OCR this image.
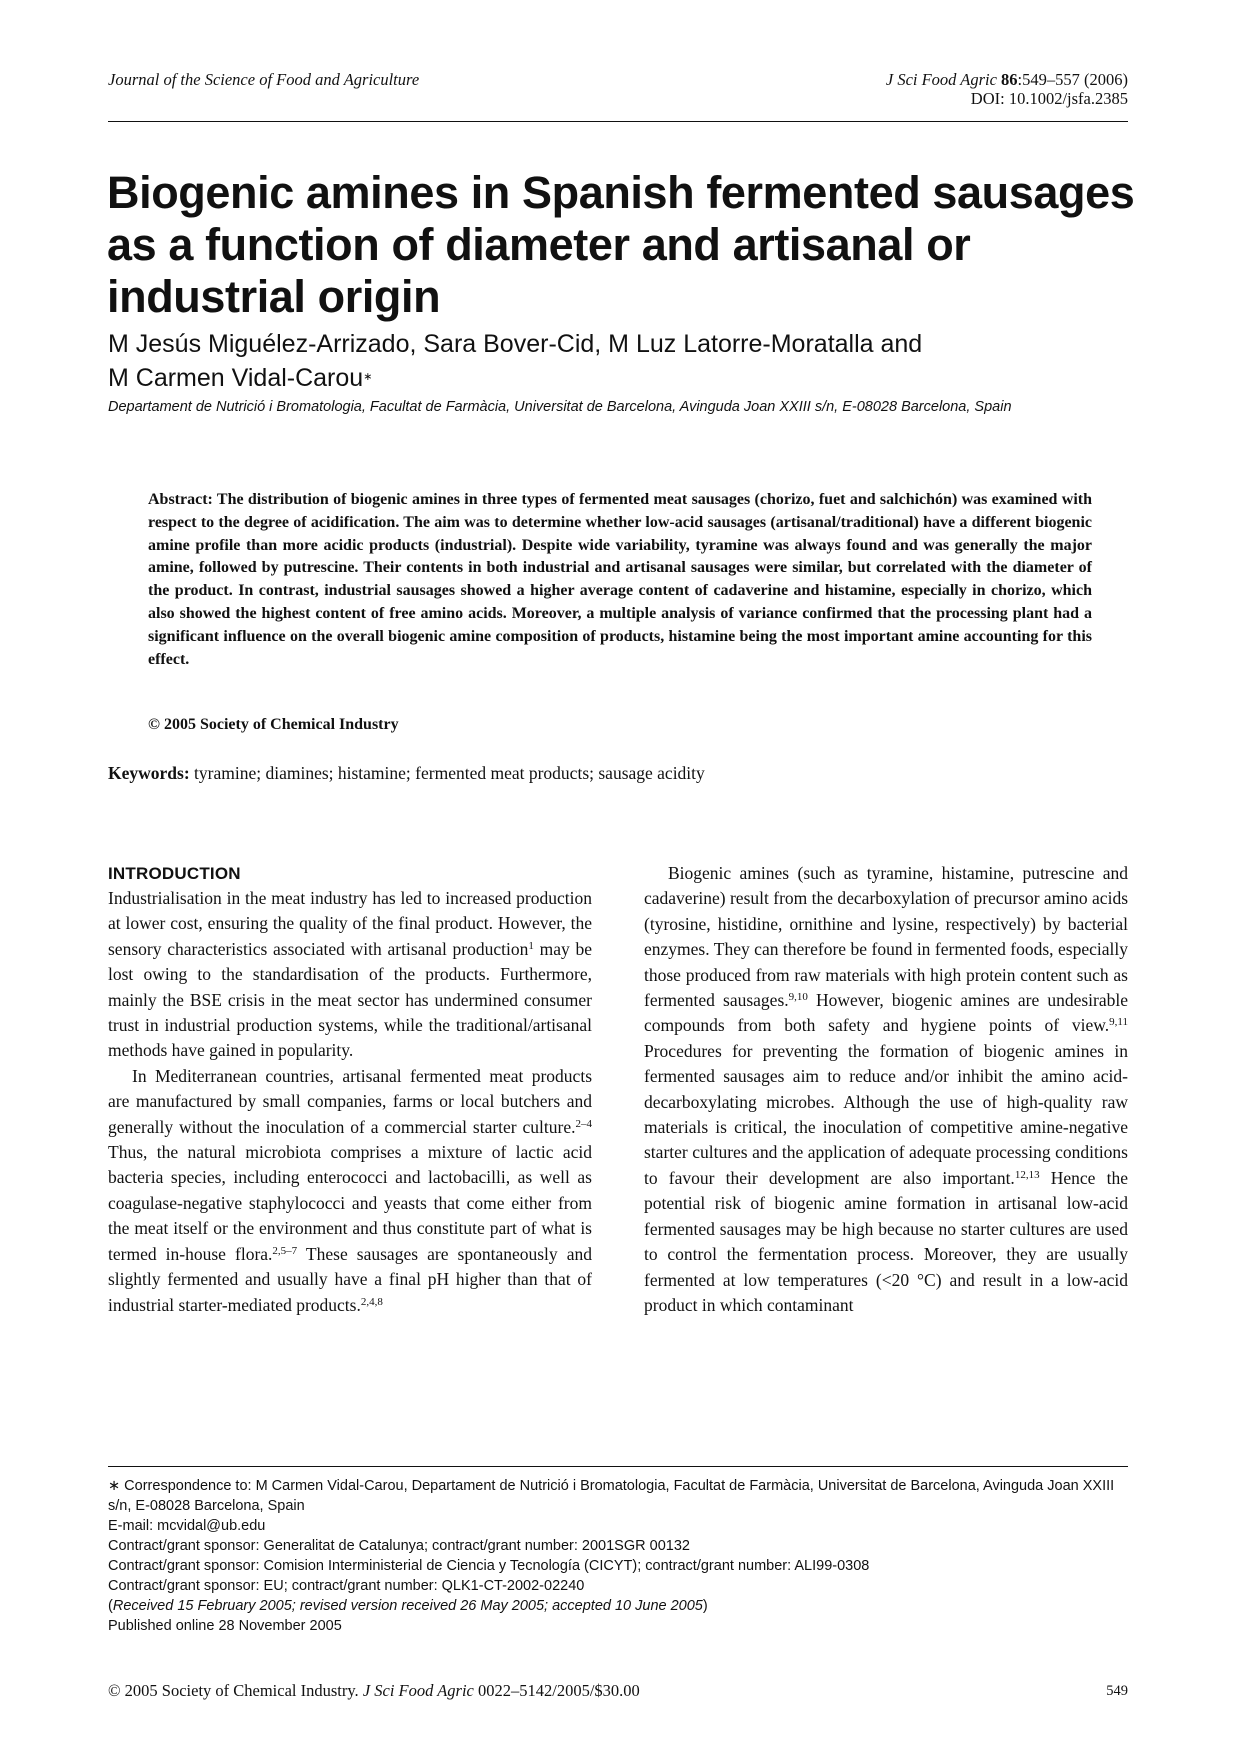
Journal of the Science of Food and Agriculture	J Sci Food Agric 86:549–557 (2006)
DOI: 10.1002/jsfa.2385
Biogenic amines in Spanish fermented sausages as a function of diameter and artisanal or industrial origin
M Jesús Miguélez-Arrizado, Sara Bover-Cid, M Luz Latorre-Moratalla and
M Carmen Vidal-Carou∗
Departament de Nutrició i Bromatologia, Facultat de Farmàcia, Universitat de Barcelona, Avinguda Joan XXIII s/n, E-08028 Barcelona, Spain
Abstract: The distribution of biogenic amines in three types of fermented meat sausages (chorizo, fuet and salchichón) was examined with respect to the degree of acidification. The aim was to determine whether low-acid sausages (artisanal/traditional) have a different biogenic amine profile than more acidic products (industrial). Despite wide variability, tyramine was always found and was generally the major amine, followed by putrescine. Their contents in both industrial and artisanal sausages were similar, but correlated with the diameter of the product. In contrast, industrial sausages showed a higher average content of cadaverine and histamine, especially in chorizo, which also showed the highest content of free amino acids. Moreover, a multiple analysis of variance confirmed that the processing plant had a significant influence on the overall biogenic amine composition of products, histamine being the most important amine accounting for this effect.
© 2005 Society of Chemical Industry
Keywords: tyramine; diamines; histamine; fermented meat products; sausage acidity
INTRODUCTION

Industrialisation in the meat industry has led to increased production at lower cost, ensuring the quality of the final product. However, the sensory characteristics associated with artisanal production$^1$ may be lost owing to the standardisation of the products. Furthermore, mainly the BSE crisis in the meat sector has undermined consumer trust in industrial production systems, while the traditional/artisanal methods have gained in popularity.

In Mediterranean countries, artisanal fermented meat products are manufactured by small companies, farms or local butchers and generally without the inoculation of a commercial starter culture.$^{2-4}$ Thus, the natural microbiota comprises a mixture of lactic acid bacteria species, including enterococci and lactobacilli, as well as coagulase-negative staphylococci and yeasts that come either from the meat itself or the environment and thus constitute part of what is termed in-house flora.$^{2,5-7}$ These sausages are spontaneously and slightly fermented and usually have a final pH higher than that of industrial starter-mediated products.$^{2,4,8}$

Biogenic amines (such as tyramine, histamine, putrescine and cadaverine) result from the decarboxylation of precursor amino acids (tyrosine, histidine, ornithine and lysine, respectively) by bacterial enzymes. They can therefore be found in fermented foods, especially those produced from raw materials with high protein content such as fermented sausages.$^{9,10}$ However, biogenic amines are undesirable compounds from both safety and hygiene points of view.$^{9,11}$ Procedures for preventing the formation of biogenic amines in fermented sausages aim to reduce and/or inhibit the amino acid-decarboxylating microbes. Although the use of high-quality raw materials is critical, the inoculation of competitive amine-negative starter cultures and the application of adequate processing conditions to favour their development are also important.$^{12,13}$ Hence the potential risk of biogenic amine formation in artisanal low-acid fermented sausages may be high because no starter cultures are used to control the fermentation process. Moreover, they are usually fermented at low temperatures (<20 °C) and result in a low-acid product in which contaminant

∗ Correspondence to: M Carmen Vidal-Carou, Departament de Nutrició i Bromatologia, Facultat de Farmàcia, Universitat de Barcelona, Avinguda Joan XXIII s/n, E-08028 Barcelona, Spain

E-mail: mcvidal@ub.edu

Contract/grant sponsor: Generalitat de Catalunya; contract/grant number: 2001SGR 00132

Contract/grant sponsor: Comision Interministerial de Ciencia y Tecnología (CICYT); contract/grant number: ALI99-0308

Contract/grant sponsor: EU; contract/grant number: QLK1-CT-2002-02240

(Received 15 February 2005; revised version received 26 May 2005; accepted 10 June 2005)

Published online 28 November 2005

© 2005 Society of Chemical Industry. J Sci Food Agric 0022–5142/2005/$30.00	549
